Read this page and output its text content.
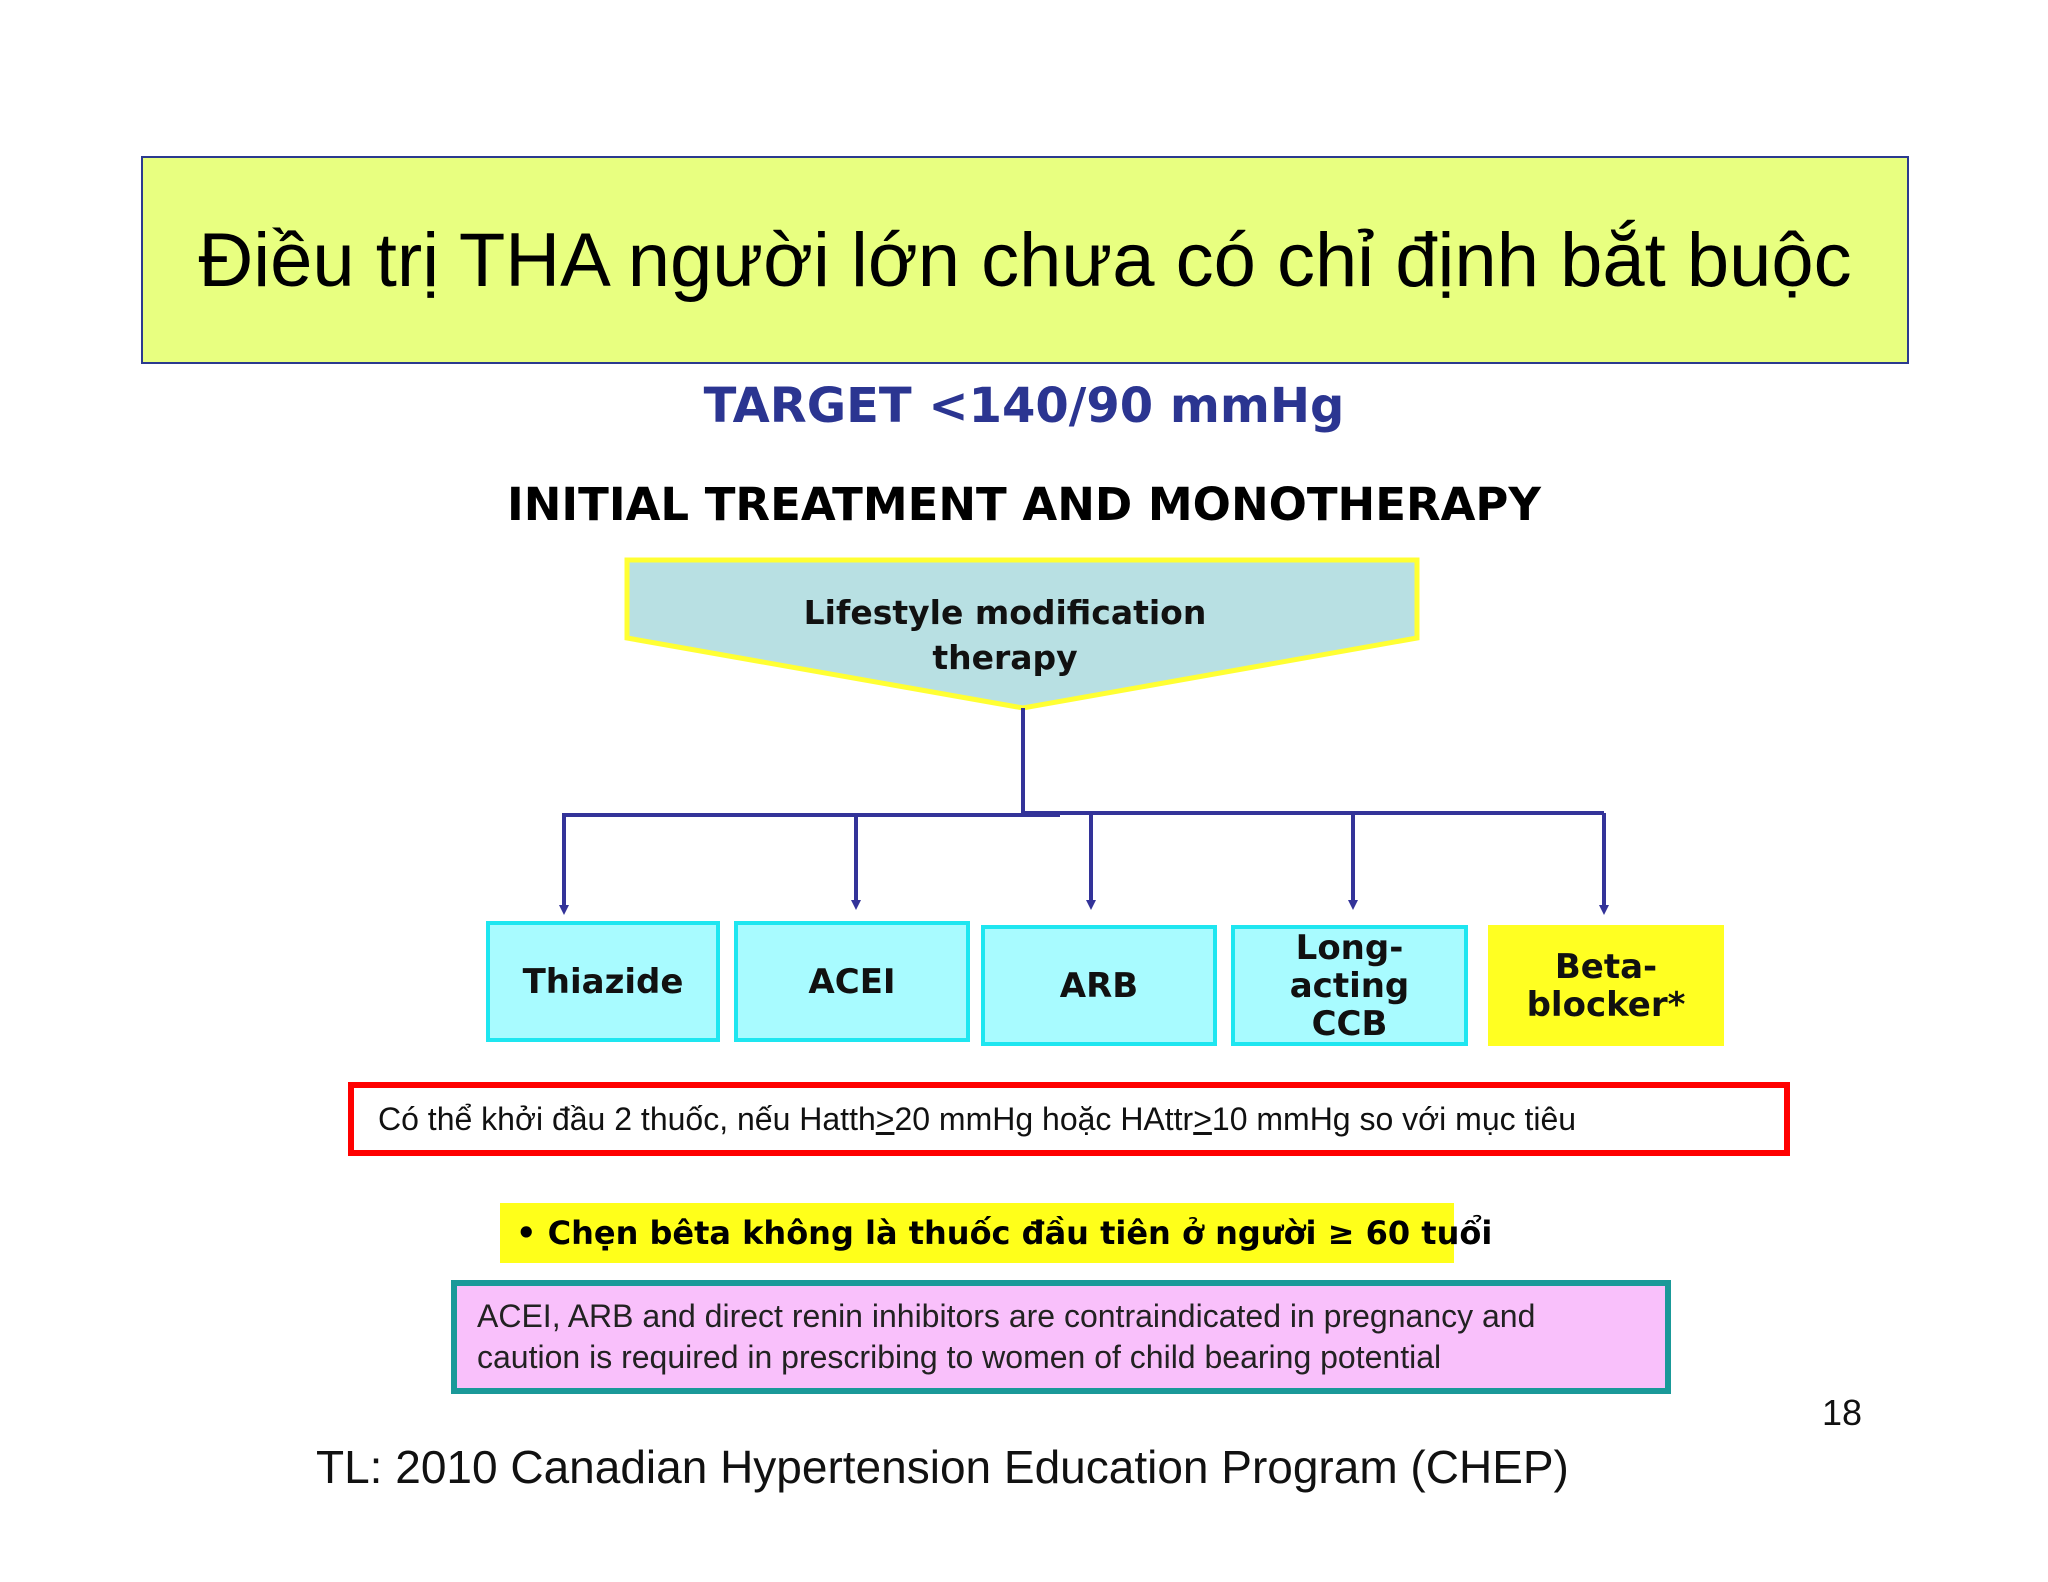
Điều trị THA người lớn chưa có chỉ định bắt buộc
TARGET <140/90 mmHg
INITIAL TREATMENT AND MONOTHERAPY
Lifestyle modification
therapy
Thiazide	ACEI	ARB
Long-
acting
CCB
Beta-
blocker*
Có thể khởi đầu 2 thuốc, nếu Hatth ≥ 20 mmHg hoặc HAttr ≥ 10 mmHg so với mục tiêu
• Chẹn bêta không là thuốc đầu tiên ở người ≥ 60 tuổi
ACEI, ARB and direct renin inhibitors are contraindicated in pregnancy and caution is required in prescribing to women of child bearing potential
18
TL: 2010 Canadian Hypertension Education Program (CHEP)
